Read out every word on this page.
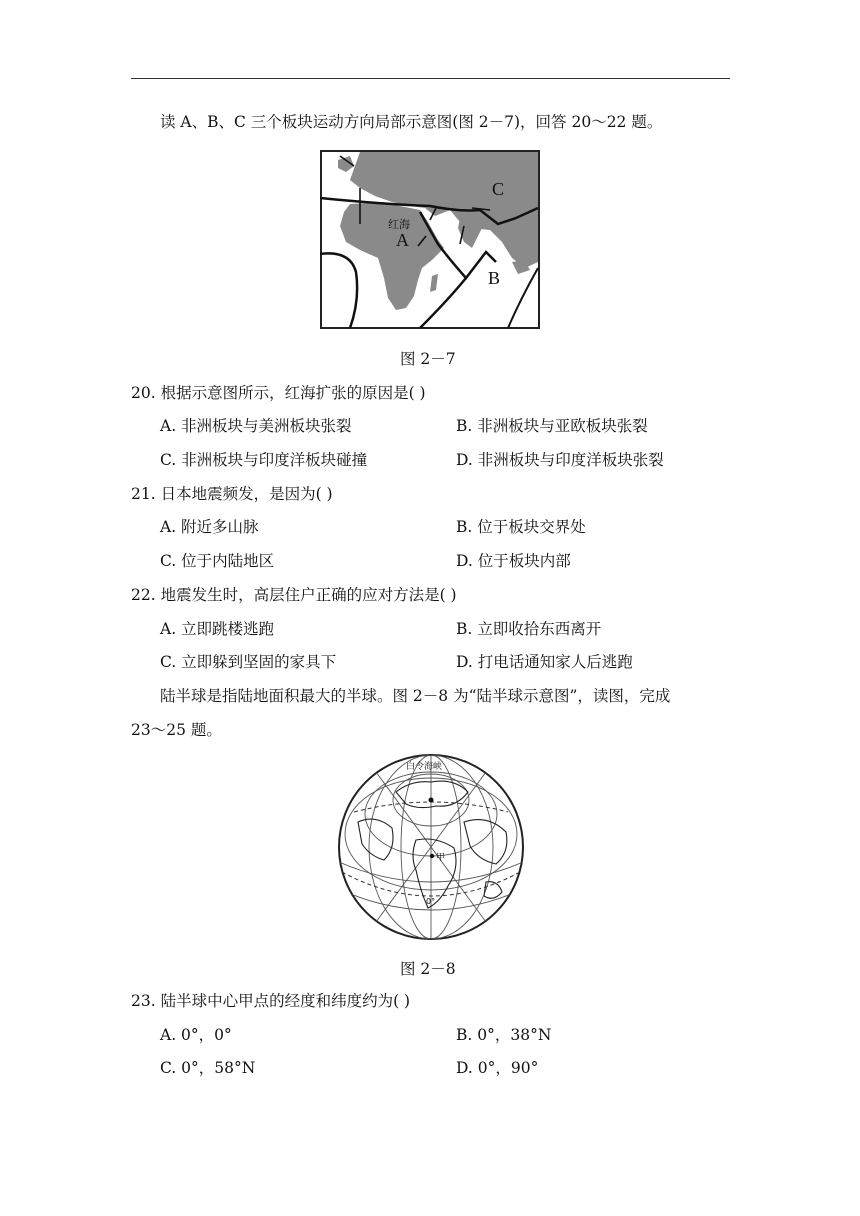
读 A、B、C 三个板块运动方向局部示意图(图 2－7)，回答 20～22 题。
C
A
B
红海
图 2－7
20. 根据示意图所示，红海扩张的原因是( )
A. 非洲板块与美洲板块张裂	B. 非洲板块与亚欧板块张裂
C. 非洲板块与印度洋板块碰撞	D. 非洲板块与印度洋板块张裂
21. 日本地震频发，是因为( )
A. 附近多山脉	B. 位于板块交界处
C. 位于内陆地区	D. 位于板块内部
22. 地震发生时，高层住户正确的应对方法是( )
A. 立即跳楼逃跑	B. 立即收拾东西离开
C. 立即躲到坚固的家具下	D. 打电话通知家人后逃跑
陆半球是指陆地面积最大的半球。图 2－8 为“陆半球示意图”，读图，完成
23～25 题。
白令海峡
甲
0°
图 2－8
23. 陆半球中心甲点的经度和纬度约为( )
A. 0°，0°	B. 0°，38°N
C. 0°，58°N	D. 0°，90°
